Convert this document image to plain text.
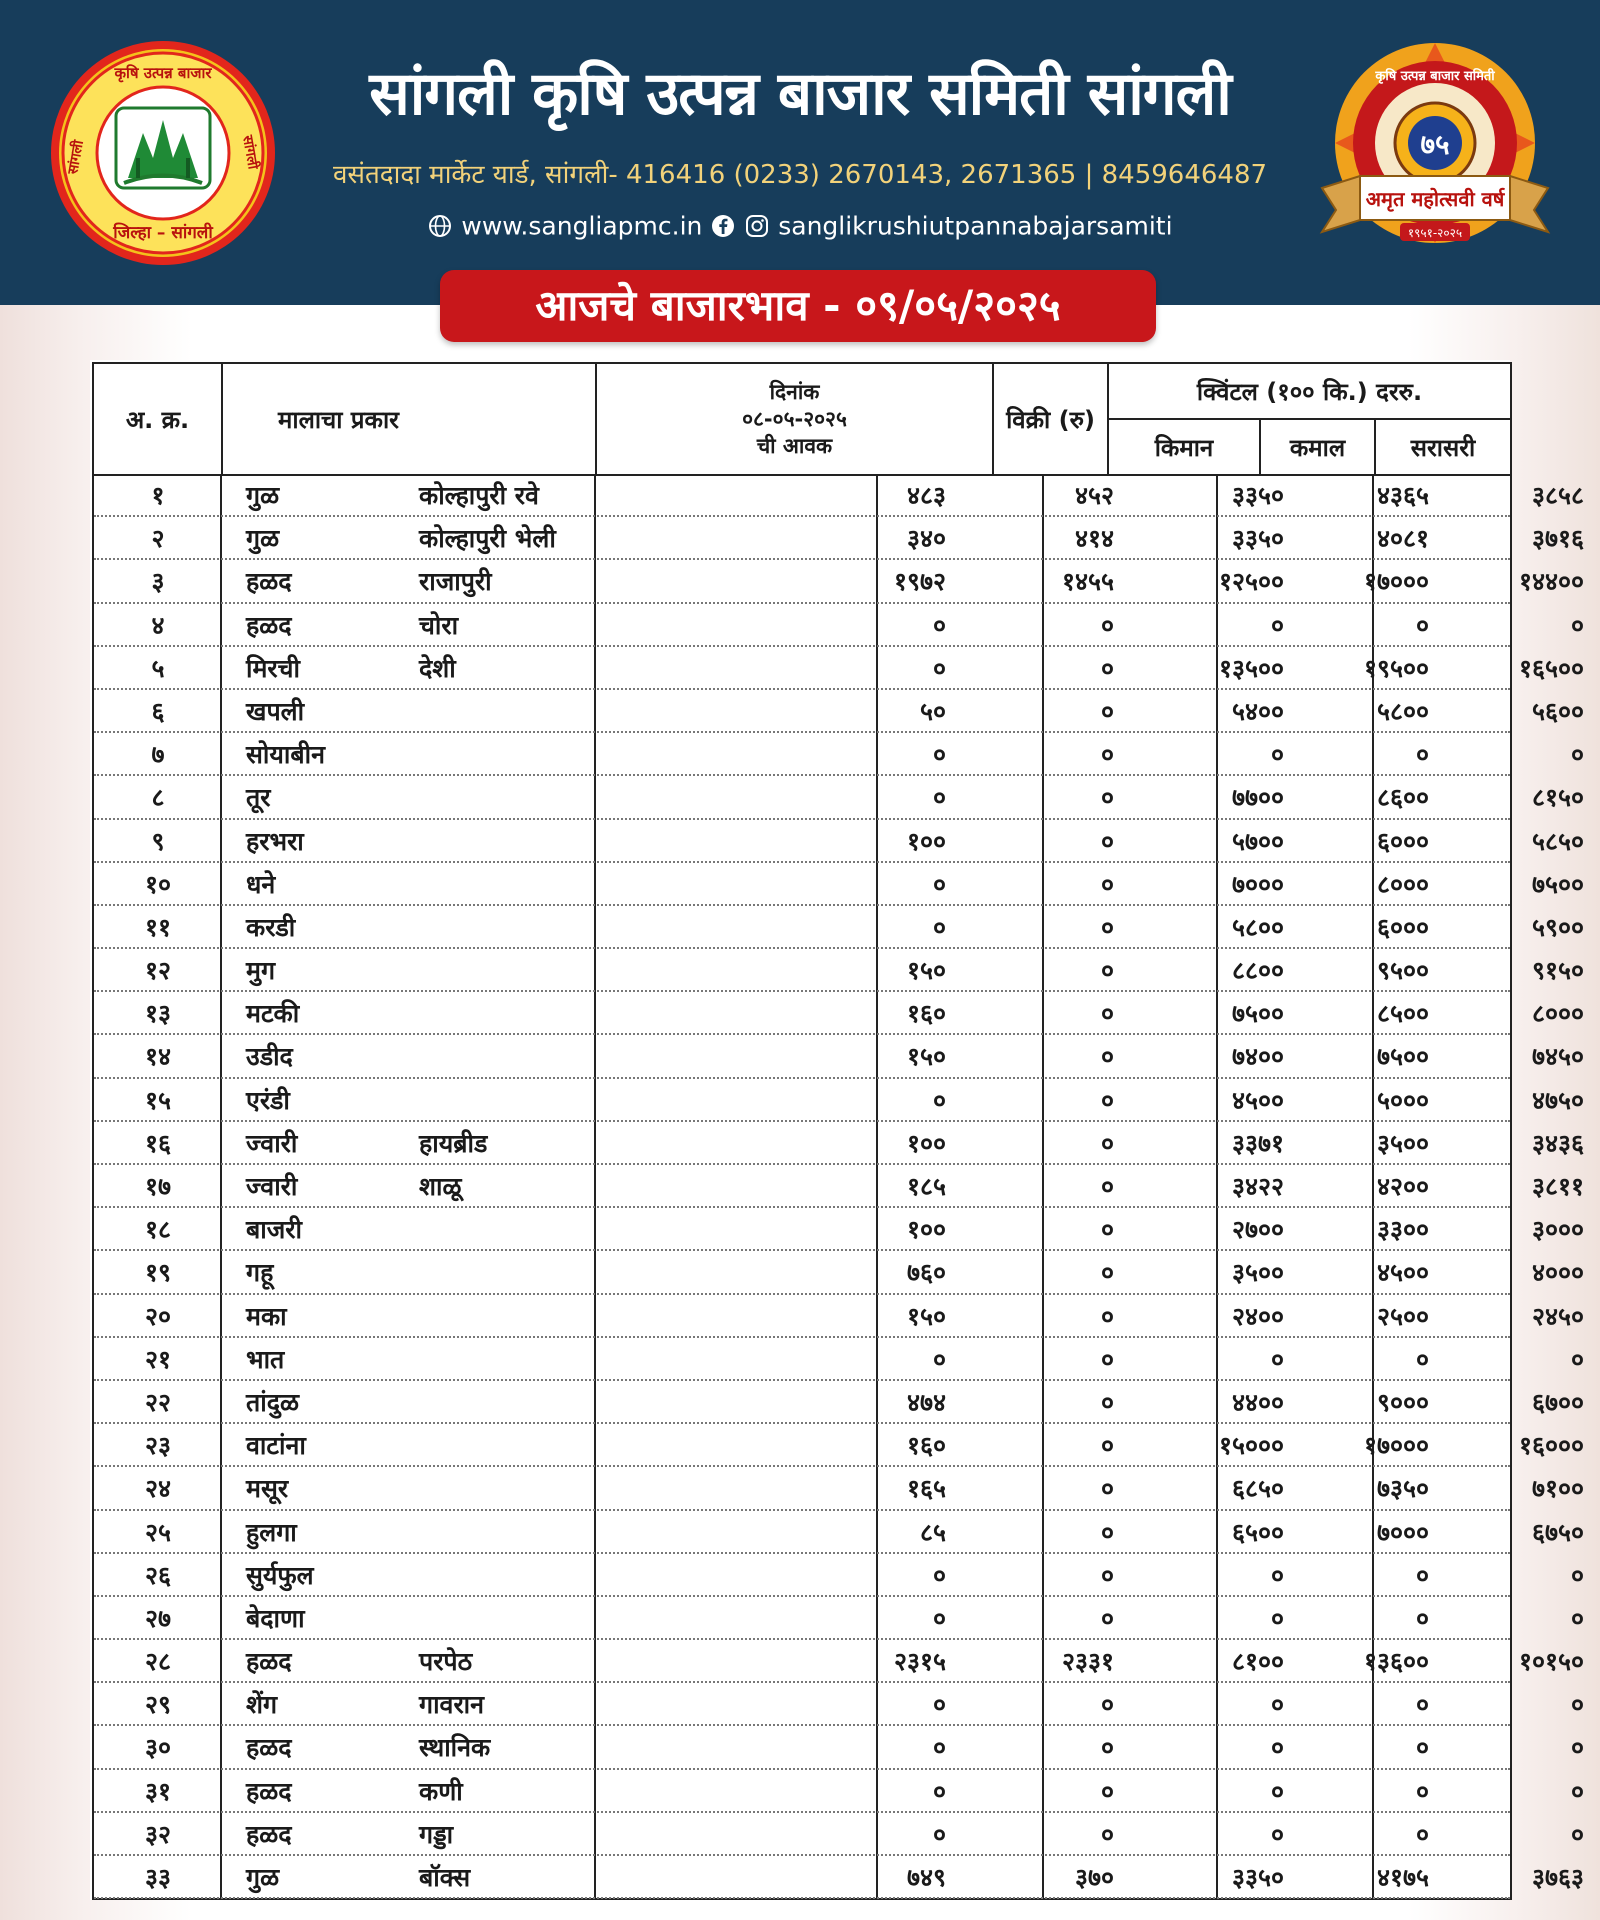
कृषि उत्पन्न बाजार
जिल्हा – सांगली
सांगली	सांगली
सांगली कृषि उत्पन्न बाजार समिती सांगली
वसंतदादा मार्केट यार्ड, सांगली- 416416 (0233) 2670143, 2671365 | 8459646487
www.sangliapmc.in	sanglikrushiutpannabajarsamiti
७५
कृषि उत्पन्न बाजार समिती
अमृत महोत्सवी वर्ष
१९५१-२०२५
आजचे बाजारभाव - ०९/०५/२०२५
अ. क्र.	मालाचा प्रकार	दिनांक
०८-०५-२०२५
ची आवक	विक्री (रु)	क्विंटल (१०० कि.) दररु.		
				किमान	कमाल	सरासरी
१	गुळ	कोल्हापुरी रवे	४८३	४५२	३३५०	४३६५	३८५८
२	गुळ	कोल्हापुरी भेली	३४०	४१४	३३५०	४०८१	३७१६
३	हळद	राजापुरी	१९७२	१४५५	१२५००	१७०००	१४४००
४	हळद	चोरा	०	०	०	०	०
५	मिरची	देशी	०	०	१३५००	१९५००	१६५००
६	खपली	५०	०	५४००	५८००	५६००
७	सोयाबीन	०	०	०	०	०
८	तूर	०	०	७७००	८६००	८१५०
९	हरभरा	१००	०	५७००	६०००	५८५०
१०	धने	०	०	७०००	८०००	७५००
११	करडी	०	०	५८००	६०००	५९००
१२	मुग	१५०	०	८८००	९५००	९१५०
१३	मटकी	१६०	०	७५००	८५००	८०००
१४	उडीद	१५०	०	७४००	७५००	७४५०
१५	एरंडी	०	०	४५००	५०००	४७५०
१६	ज्वारी	हायब्रीड	१००	०	३३७१	३५००	३४३६
१७	ज्वारी	शाळू	१८५	०	३४२२	४२००	३८११
१८	बाजरी	१००	०	२७००	३३००	३०००
१९	गहू	७६०	०	३५००	४५००	४०००
२०	मका	१५०	०	२४००	२५००	२४५०
२१	भात	०	०	०	०	०
२२	तांदुळ	४७४	०	४४००	९०००	६७००
२३	वाटांना	१६०	०	१५०००	१७०००	१६०००
२४	मसूर	१६५	०	६८५०	७३५०	७१००
२५	हुलगा	८५	०	६५००	७०००	६७५०
२६	सुर्यफुल	०	०	०	०	०
२७	बेदाणा	०	०	०	०	०
२८	हळद	परपेठ	२३१५	२३३१	८१००	१३६००	१०१५०
२९	शेंग	गावरान	०	०	०	०	०
३०	हळद	स्थानिक	०	०	०	०	०
३१	हळद	कणी	०	०	०	०	०
३२	हळद	गड्डा	०	०	०	०	०
३३	गुळ	बॉक्स	७४९	३७०	३३५०	४१७५	३७६३
